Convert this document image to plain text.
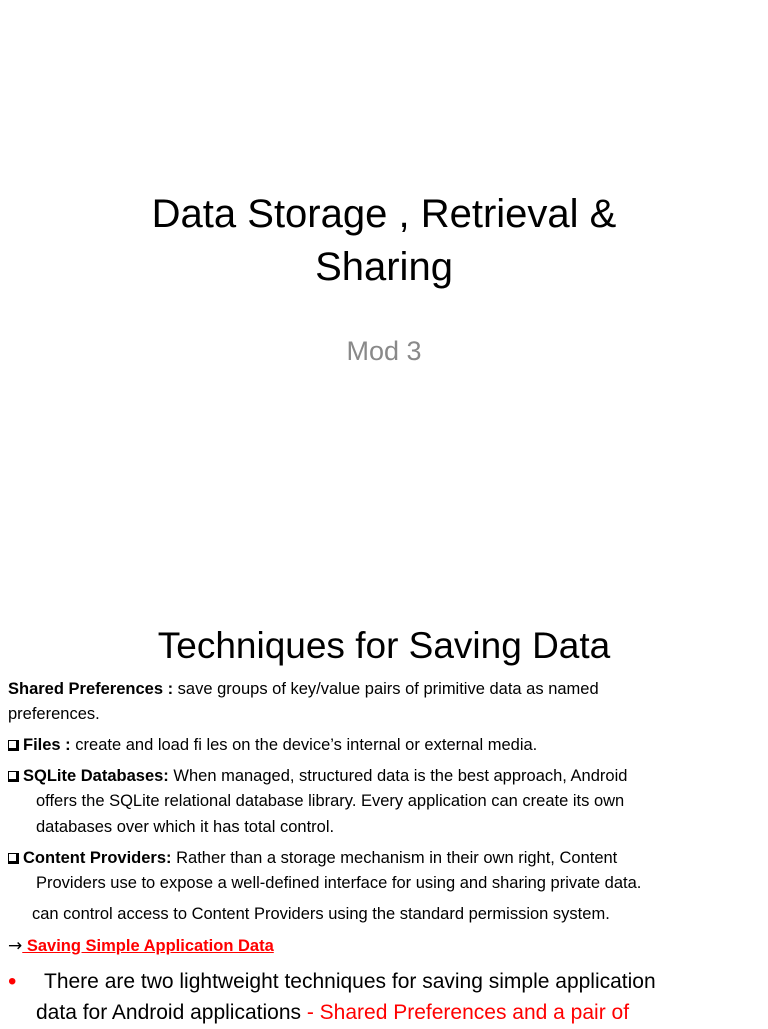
Data Storage , Retrieval &
Sharing
Mod 3
Techniques for Saving Data
Shared Preferences : save groups of key/value pairs of primitive data as named
preferences.
Files : create and load fi les on the device’s internal or external media.
SQLite Databases: When managed, structured data is the best approach, Android
offers the SQLite relational database library. Every application can create its own
databases over which it has total control.
Content Providers: Rather than a storage mechanism in their own right, Content
Providers use to expose a well-defined interface for using and sharing private data.
can control access to Content Providers using the standard permission system.
→ Saving Simple Application Data
• There are two lightweight techniques for saving simple application
data for Android applications - Shared Preferences and a pair of
